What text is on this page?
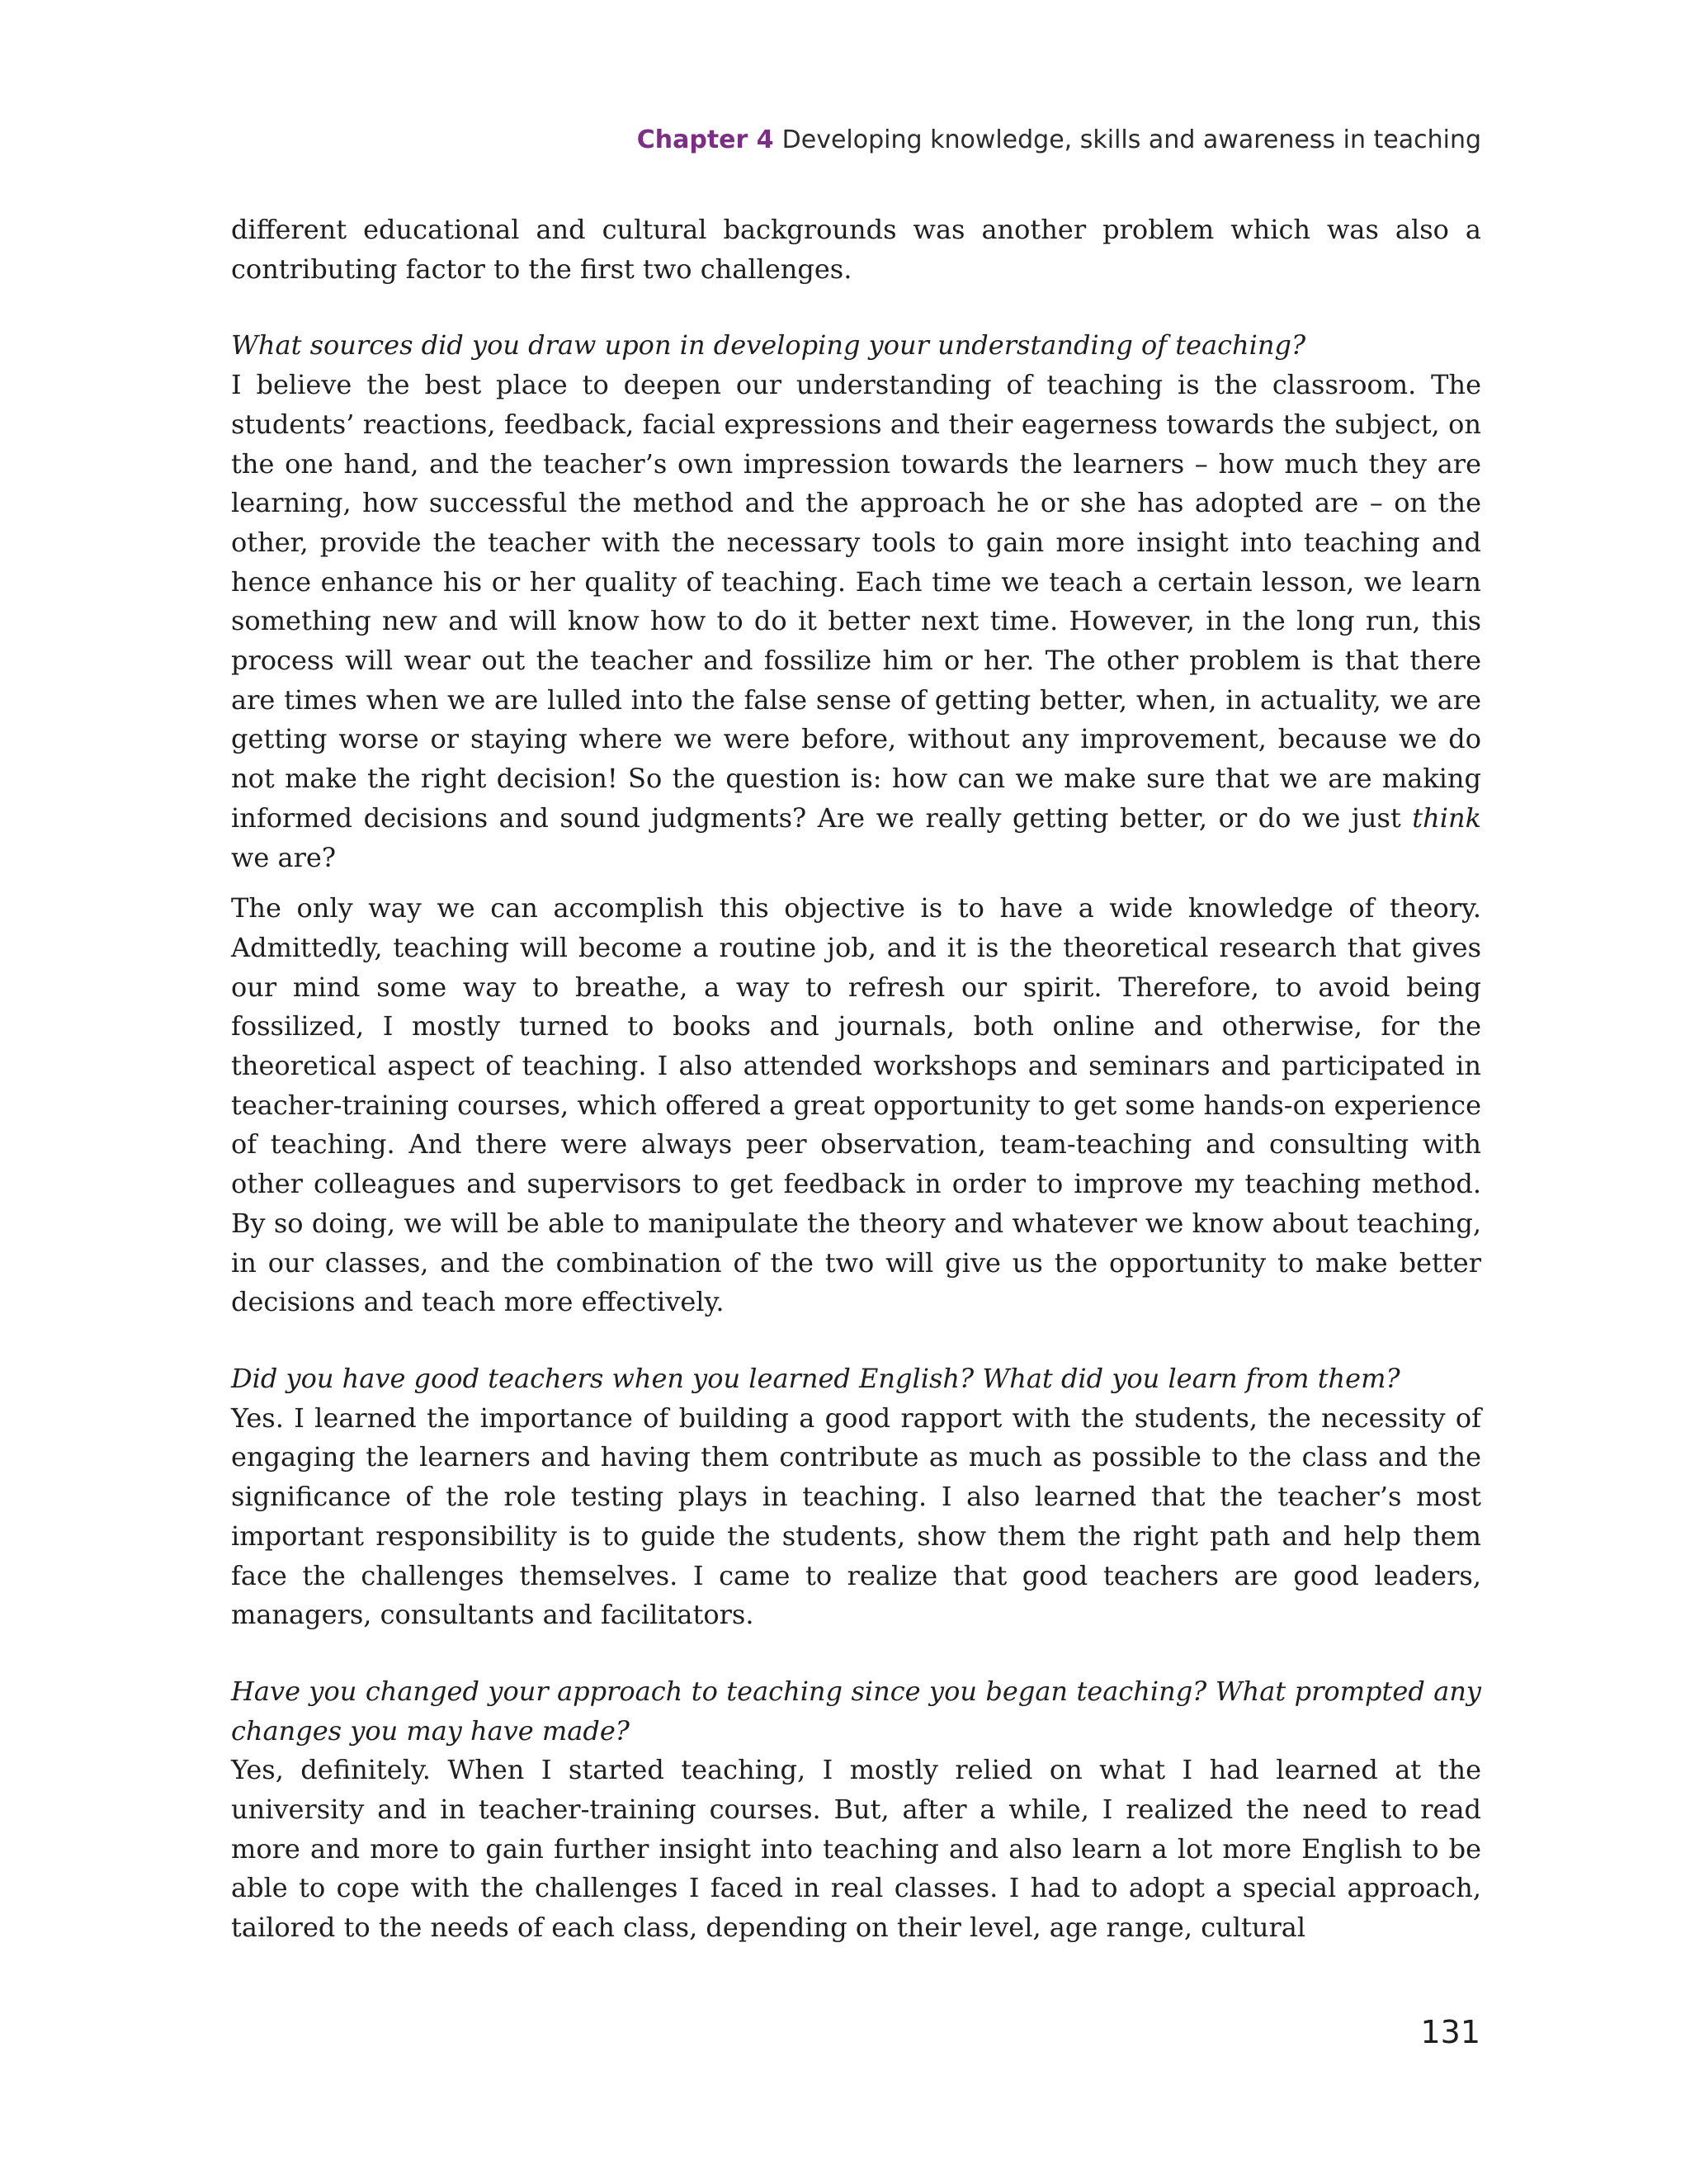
Chapter 4 Developing knowledge, skills and awareness in teaching

different educational and cultural backgrounds was another problem which was also a contributing factor to the first two challenges.

What sources did you draw upon in developing your understanding of teaching?

I believe the best place to deepen our understanding of teaching is the classroom. The students’ reactions, feedback, facial expressions and their eagerness towards the subject, on the one hand, and the teacher’s own impression towards the learners – how much they are learning, how successful the method and the approach he or she has adopted are – on the other, provide the teacher with the necessary tools to gain more insight into teaching and hence enhance his or her quality of teaching. Each time we teach a certain lesson, we learn something new and will know how to do it better next time. However, in the long run, this process will wear out the teacher and fossilize him or her. The other problem is that there are times when we are lulled into the false sense of getting better, when, in actuality, we are getting worse or staying where we were before, without any improvement, because we do not make the right decision! So the question is: how can we make sure that we are making informed decisions and sound judgments? Are we really getting better, or do we just think we are?

The only way we can accomplish this objective is to have a wide knowledge of theory. Admittedly, teaching will become a routine job, and it is the theoretical research that gives our mind some way to breathe, a way to refresh our spirit. Therefore, to avoid being fossilized, I mostly turned to books and journals, both online and otherwise, for the theoretical aspect of teaching. I also attended workshops and seminars and participated in teacher-training courses, which offered a great opportunity to get some hands-on experience of teaching. And there were always peer observation, team-teaching and consulting with other colleagues and supervisors to get feedback in order to improve my teaching method. By so doing, we will be able to manipulate the theory and whatever we know about teaching, in our classes, and the combination of the two will give us the opportunity to make better decisions and teach more effectively.

Did you have good teachers when you learned English? What did you learn from them?

Yes. I learned the importance of building a good rapport with the students, the necessity of engaging the learners and having them contribute as much as possible to the class and the significance of the role testing plays in teaching. I also learned that the teacher’s most important responsibility is to guide the students, show them the right path and help them face the challenges themselves. I came to realize that good teachers are good leaders, managers, consultants and facilitators.

Have you changed your approach to teaching since you began teaching? What prompted any changes you may have made?

Yes, definitely. When I started teaching, I mostly relied on what I had learned at the university and in teacher-training courses. But, after a while, I realized the need to read more and more to gain further insight into teaching and also learn a lot more English to be able to cope with the challenges I faced in real classes. I had to adopt a special approach, tailored to the needs of each class, depending on their level, age range, cultural

131
